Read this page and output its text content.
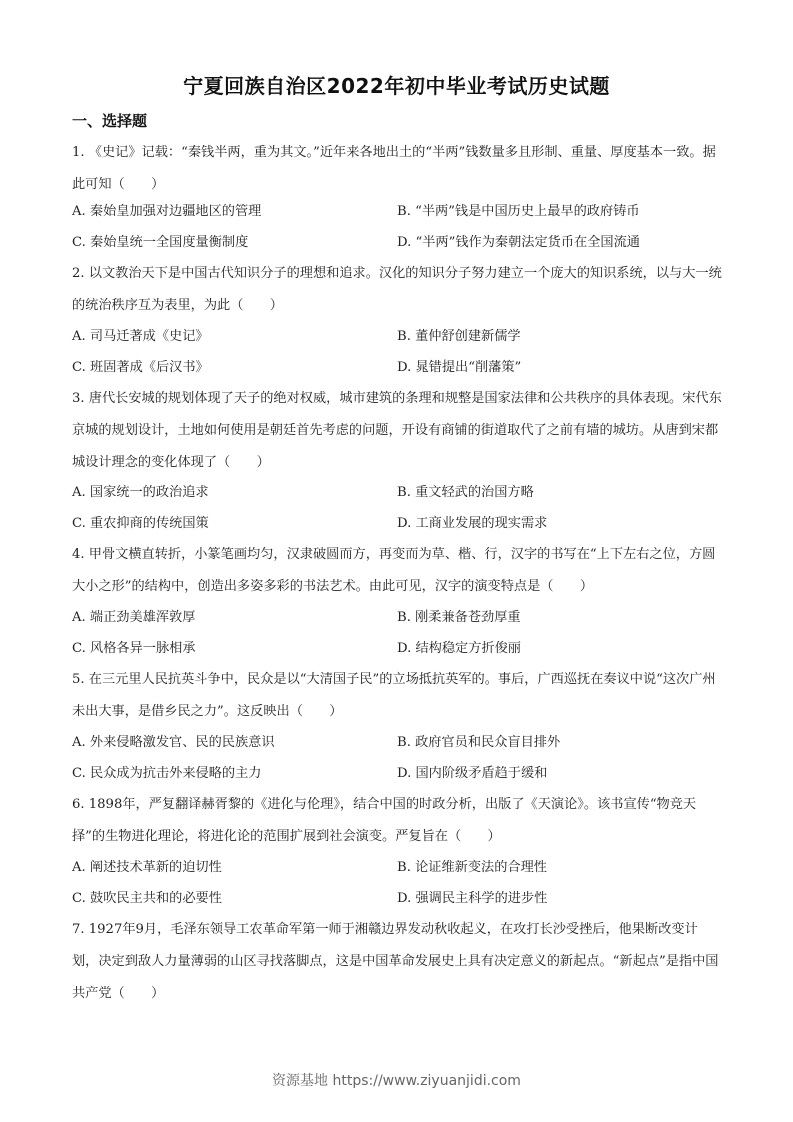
宁夏回族自治区2022年初中毕业考试历史试题
一、选择题
1. 《史记》记载：“秦钱半两，重为其文。”近年来各地出土的“半两”钱数量多且形制、重量、厚度基本一致。据此可知（　　）
A. 秦始皇加强对边疆地区的管理	B. “半两”钱是中国历史上最早的政府铸币
C. 秦始皇统一全国度量衡制度	D. “半两”钱作为秦朝法定货币在全国流通
2. 以文教治天下是中国古代知识分子的理想和追求。汉化的知识分子努力建立一个庞大的知识系统，以与大一统的统治秩序互为表里，为此（　　）
A. 司马迁著成《史记》	B. 董仲舒创建新儒学
C. 班固著成《后汉书》	D. 晁错提出“削藩策”
3. 唐代长安城的规划体现了天子的绝对权威，城市建筑的条理和规整是国家法律和公共秩序的具体表现。宋代东京城的规划设计，土地如何使用是朝廷首先考虑的问题，开设有商铺的街道取代了之前有墙的城坊。从唐到宋都城设计理念的变化体现了（　　）
A. 国家统一的政治追求	B. 重文轻武的治国方略
C. 重农抑商的传统国策	D. 工商业发展的现实需求
4. 甲骨文横直转折，小篆笔画均匀，汉隶破圆而方，再变而为草、楷、行，汉字的书写在“上下左右之位，方圆大小之形”的结构中，创造出多姿多彩的书法艺术。由此可见，汉字的演变特点是（　　）
A. 端正劲美雄浑敦厚	B. 刚柔兼备苍劲厚重
C. 风格各异一脉相承	D. 结构稳定方折俊丽
5. 在三元里人民抗英斗争中，民众是以“大清国子民”的立场抵抗英军的。事后，广西巡抚在奏议中说“这次广州未出大事，是借乡民之力”。这反映出（　　）
A. 外来侵略激发官、民的民族意识	B. 政府官员和民众盲目排外
C. 民众成为抗击外来侵略的主力	D. 国内阶级矛盾趋于缓和
6. 1898年，严复翻译赫胥黎的《进化与伦理》，结合中国的时政分析，出版了《天演论》。该书宣传“物竞天择”的生物进化理论，将进化论的范围扩展到社会演变。严复旨在（　　）
A. 阐述技术革新的迫切性	B. 论证维新变法的合理性
C. 鼓吹民主共和的必要性	D. 强调民主科学的进步性
7. 1927年9月，毛泽东领导工农革命军第一师于湘赣边界发动秋收起义，在攻打长沙受挫后，他果断改变计划，决定到敌人力量薄弱的山区寻找落脚点，这是中国革命发展史上具有决定意义的新起点。“新起点”是指中国共产党（　　）
资源基地 https://www.ziyuanjidi.com
